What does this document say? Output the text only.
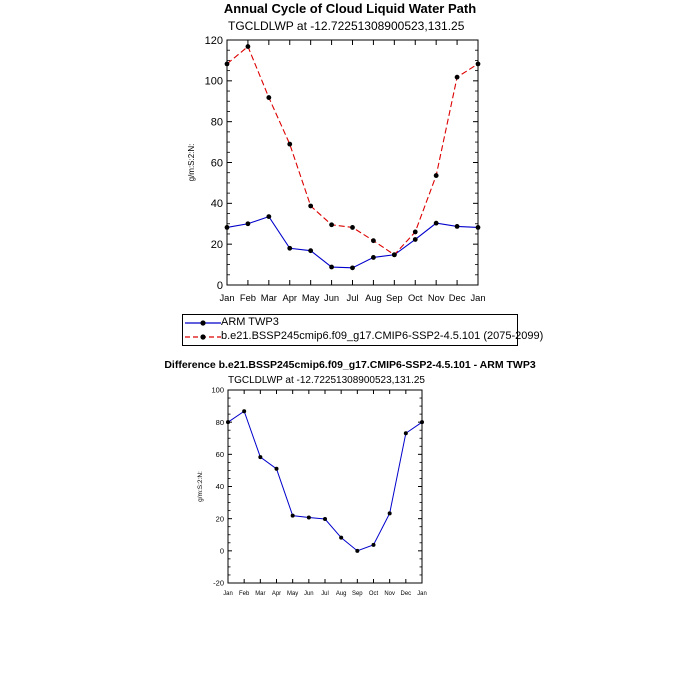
Annual Cycle of Cloud Liquid Water Path
TGCLDLWP at -12.72251308900523,131.25
Difference b.e21.BSSP245cmip6.f09_g17.CMIP6-SSP2-4.5.101 - ARM TWP3
TGCLDLWP at -12.72251308900523,131.25
0
20
40
60
80
100
120
Jan Feb Mar Apr May Jun Jul Aug Sep Oct Nov Dec Jan
g/m:S:2:N:
-20
0
20
40
60
80
100
Jan Feb Mar Apr May Jun Jul Aug Sep Oct Nov Dec Jan
g/m:S:2:N:
ARM TWP3
b.e21.BSSP245cmip6.f09_g17.CMIP6-SSP2-4.5.101 (2075-2099)
